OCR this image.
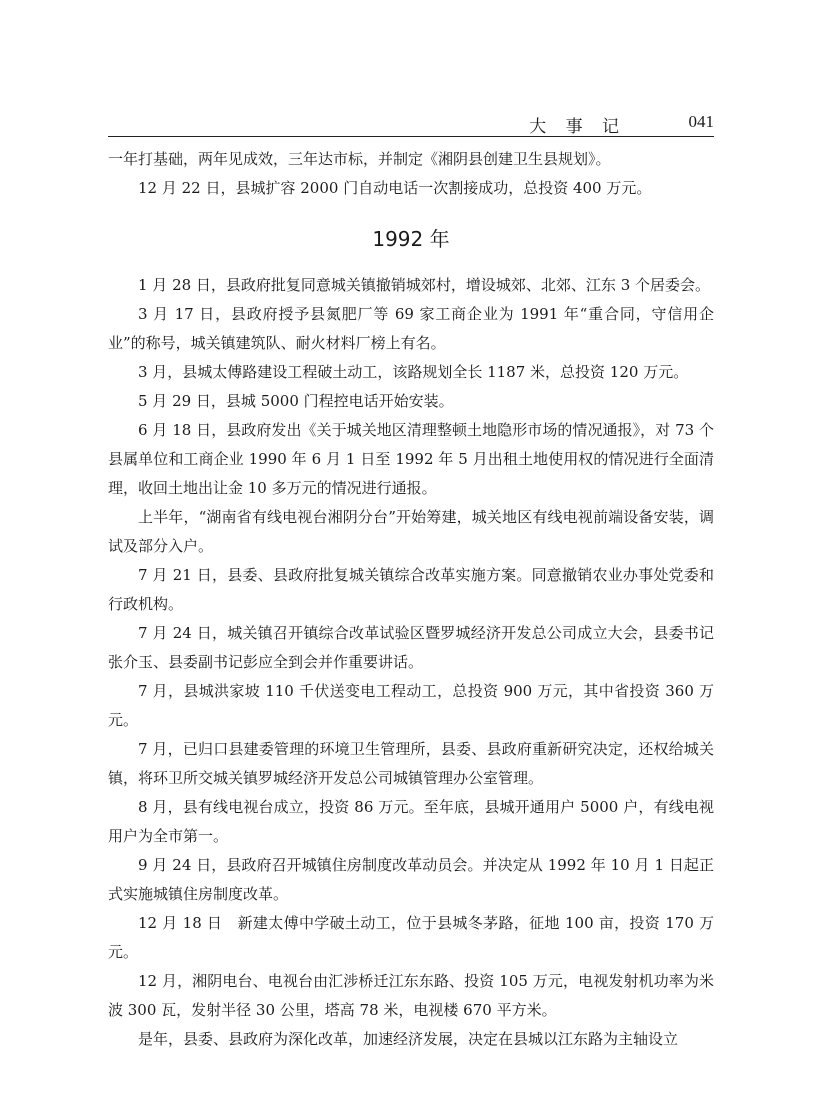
大 事 记	041

一年打基础，两年见成效，三年达市标，并制定《湘阴县创建卫生县规划》。

12 月 22 日，县城扩容 2000 门自动电话一次割接成功，总投资 400 万元。

1992 年

1 月 28 日，县政府批复同意城关镇撤销城郊村，增设城郊、北郊、江东 3 个居委会。

3 月 17 日，县政府授予县氮肥厂等 69 家工商企业为 1991 年“重合同，守信用企业”的称号，城关镇建筑队、耐火材料厂榜上有名。

3 月，县城太傅路建设工程破土动工，该路规划全长 1187 米，总投资 120 万元。

5 月 29 日，县城 5000 门程控电话开始安装。

6 月 18 日，县政府发出《关于城关地区清理整顿土地隐形市场的情况通报》，对 73 个县属单位和工商企业 1990 年 6 月 1 日至 1992 年 5 月出租土地使用权的情况进行全面清理，收回土地出让金 10 多万元的情况进行通报。

上半年，“湖南省有线电视台湘阴分台”开始筹建，城关地区有线电视前端设备安装，调试及部分入户。

7 月 21 日，县委、县政府批复城关镇综合改革实施方案。同意撤销农业办事处党委和行政机构。

7 月 24 日，城关镇召开镇综合改革试验区暨罗城经济开发总公司成立大会，县委书记张介玉、县委副书记彭应全到会并作重要讲话。

7 月，县城洪家坡 110 千伏送变电工程动工，总投资 900 万元，其中省投资 360 万元。

7 月，已归口县建委管理的环境卫生管理所，县委、县政府重新研究决定，还权给城关镇，将环卫所交城关镇罗城经济开发总公司城镇管理办公室管理。

8 月，县有线电视台成立，投资 86 万元。至年底，县城开通用户 5000 户，有线电视用户为全市第一。

9 月 24 日，县政府召开城镇住房制度改革动员会。并决定从 1992 年 10 月 1 日起正式实施城镇住房制度改革。

12 月 18 日　新建太傅中学破土动工，位于县城冬茅路，征地 100 亩，投资 170 万元。

12 月，湘阴电台、电视台由汇涉桥迁江东东路、投资 105 万元，电视发射机功率为米波 300 瓦，发射半径 30 公里，塔高 78 米，电视楼 670 平方米。

是年，县委、县政府为深化改革，加速经济发展，决定在县城以江东路为主轴设立
